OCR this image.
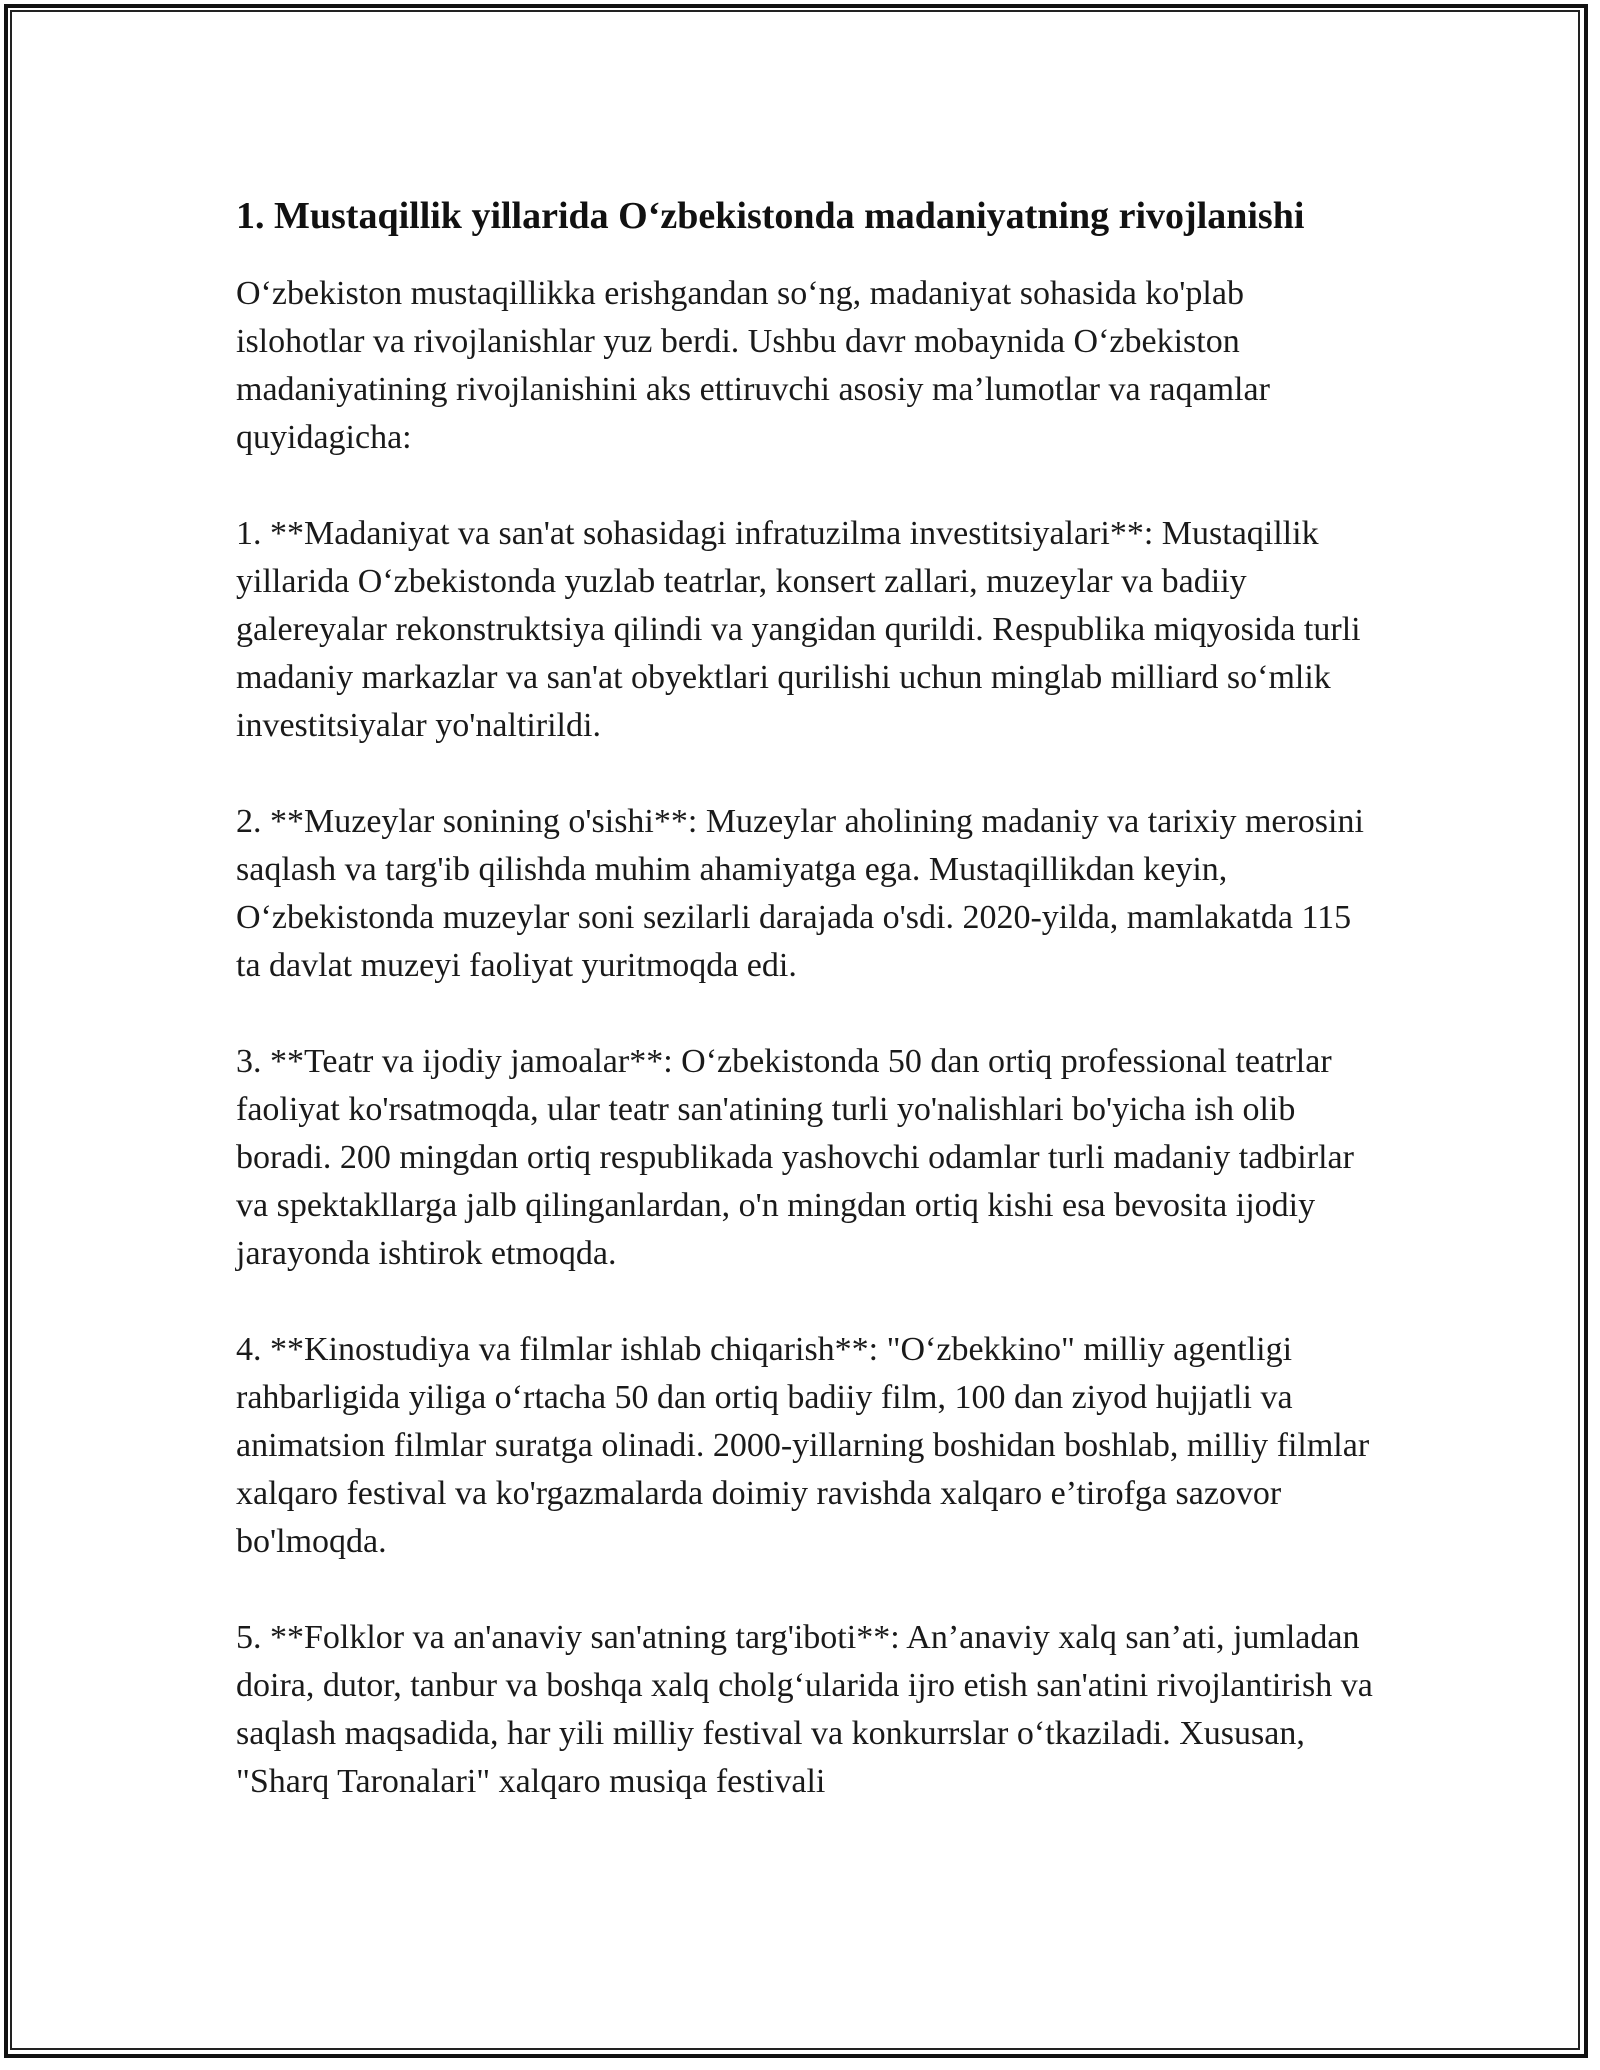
1. Mustaqillik yillarida O‘zbekistonda madaniyatning rivojlanishi

O‘zbekiston mustaqillikka erishgandan so‘ng, madaniyat sohasida ko'plab islohotlar va rivojlanishlar yuz berdi. Ushbu davr mobaynida O‘zbekiston madaniyatining rivojlanishini aks ettiruvchi asosiy ma’lumotlar va raqamlar quyidagicha:

1. **Madaniyat va san'at sohasidagi infratuzilma investitsiyalari**: Mustaqillik yillarida O‘zbekistonda yuzlab teatrlar, konsert zallari, muzeylar va badiiy galereyalar rekonstruktsiya qilindi va yangidan qurildi. Respublika miqyosida turli madaniy markazlar va san'at obyektlari qurilishi uchun minglab milliard so‘mlik investitsiyalar yo'naltirildi.

2. **Muzeylar sonining o'sishi**: Muzeylar aholining madaniy va tarixiy merosini saqlash va targ'ib qilishda muhim ahamiyatga ega. Mustaqillikdan keyin, O‘zbekistonda muzeylar soni sezilarli darajada o'sdi. 2020-yilda, mamlakatda 115 ta davlat muzeyi faoliyat yuritmoqda edi.

3. **Teatr va ijodiy jamoalar**: O‘zbekistonda 50 dan ortiq professional teatrlar faoliyat ko'rsatmoqda, ular teatr san'atining turli yo'nalishlari bo'yicha ish olib boradi. 200 mingdan ortiq respublikada yashovchi odamlar turli madaniy tadbirlar va spektakllarga jalb qilinganlardan, o'n mingdan ortiq kishi esa bevosita ijodiy jarayonda ishtirok etmoqda.

4. **Kinostudiya va filmlar ishlab chiqarish**: "O‘zbekkino" milliy agentligi rahbarligida yiliga o‘rtacha 50 dan ortiq badiiy film, 100 dan ziyod hujjatli va animatsion filmlar suratga olinadi. 2000-yillarning boshidan boshlab, milliy filmlar xalqaro festival va ko'rgazmalarda doimiy ravishda xalqaro e’tirofga sazovor bo'lmoqda.

5. **Folklor va an'anaviy san'atning targ'iboti**: An’anaviy xalq san’ati, jumladan doira, dutor, tanbur va boshqa xalq cholg‘ularida ijro etish san'atini rivojlantirish va saqlash maqsadida, har yili milliy festival va konkurrslar o‘tkaziladi. Xususan, "Sharq Taronalari" xalqaro musiqa festivali
